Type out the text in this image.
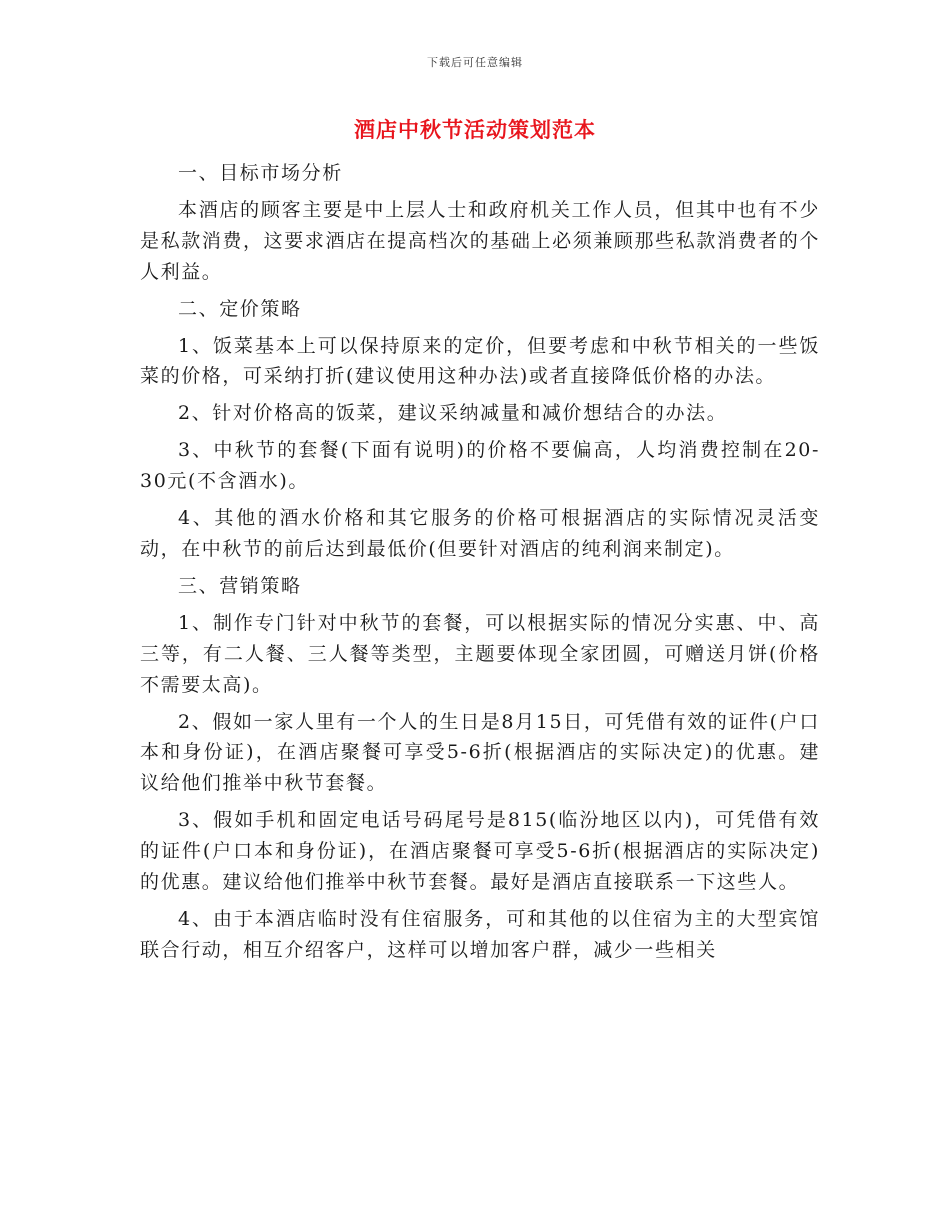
下载后可任意编辑
酒店中秋节活动策划范本

一、目标市场分析

本酒店的顾客主要是中上层人士和政府机关工作人员，但其中也有不少是私款消费，这要求酒店在提高档次的基础上必须兼顾那些私款消费者的个人利益。

二、定价策略

1、饭菜基本上可以保持原来的定价，但要考虑和中秋节相关的一些饭菜的价格，可采纳打折(建议使用这种办法)或者直接降低价格的办法。

2、针对价格高的饭菜，建议采纳减量和减价想结合的办法。

3、中秋节的套餐(下面有说明)的价格不要偏高，人均消费控制在20-30元(不含酒水)。

4、其他的酒水价格和其它服务的价格可根据酒店的实际情况灵活变动，在中秋节的前后达到最低价(但要针对酒店的纯利润来制定)。

三、营销策略

1、制作专门针对中秋节的套餐，可以根据实际的情况分实惠、中、高三等，有二人餐、三人餐等类型，主题要体现全家团圆，可赠送月饼(价格不需要太高)。

2、假如一家人里有一个人的生日是8月15日，可凭借有效的证件(户口本和身份证)，在酒店聚餐可享受5-6折(根据酒店的实际决定)的优惠。建议给他们推举中秋节套餐。

3、假如手机和固定电话号码尾号是815(临汾地区以内)，可凭借有效的证件(户口本和身份证)，在酒店聚餐可享受5-6折(根据酒店的实际决定)的优惠。建议给他们推举中秋节套餐。最好是酒店直接联系一下这些人。

4、由于本酒店临时没有住宿服务，可和其他的以住宿为主的大型宾馆联合行动，相互介绍客户，这样可以增加客户群，减少一些相关
